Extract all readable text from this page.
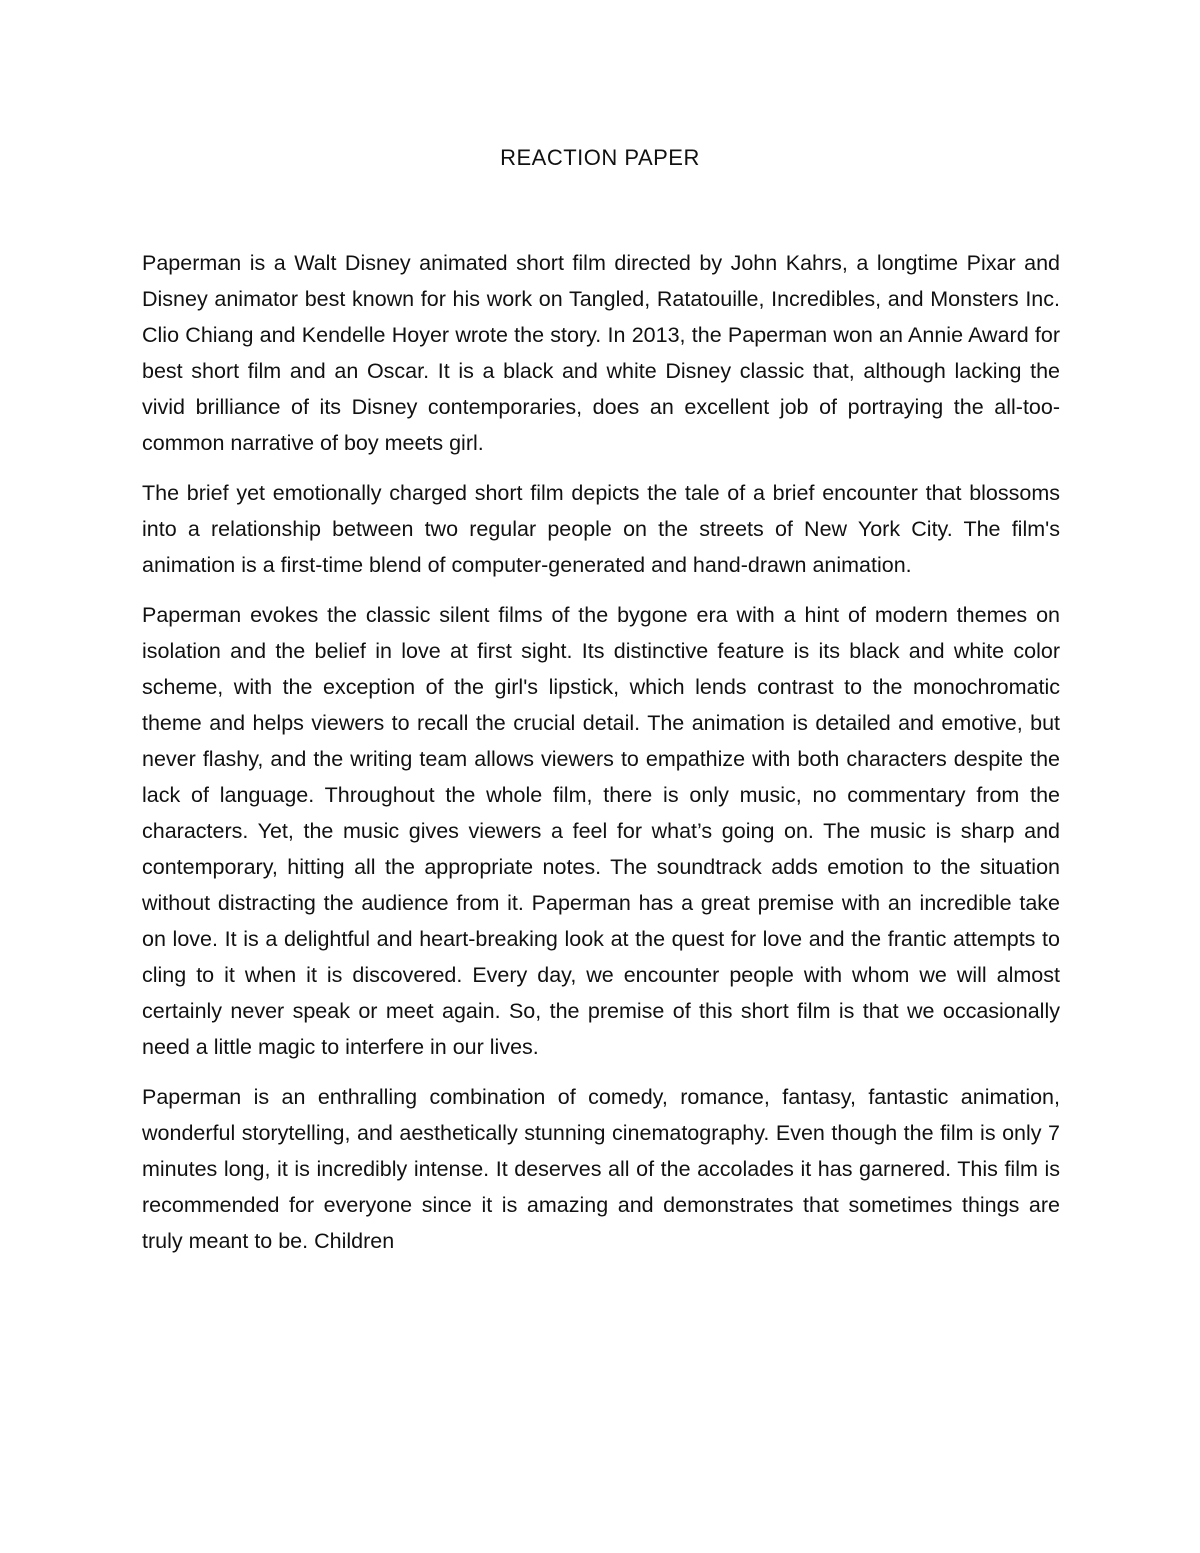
REACTION PAPER

Paperman is a Walt Disney animated short film directed by John Kahrs, a longtime Pixar and Disney animator best known for his work on Tangled, Ratatouille, Incredibles, and Monsters Inc. Clio Chiang and Kendelle Hoyer wrote the story. In 2013, the Paperman won an Annie Award for best short film and an Oscar. It is a black and white Disney classic that, although lacking the vivid brilliance of its Disney contemporaries, does an excellent job of portraying the all-too-common narrative of boy meets girl.

The brief yet emotionally charged short film depicts the tale of a brief encounter that blossoms into a relationship between two regular people on the streets of New York City. The film's animation is a first-time blend of computer-generated and hand-drawn animation.

Paperman evokes the classic silent films of the bygone era with a hint of modern themes on isolation and the belief in love at first sight. Its distinctive feature is its black and white color scheme, with the exception of the girl's lipstick, which lends contrast to the monochromatic theme and helps viewers to recall the crucial detail. The animation is detailed and emotive, but never flashy, and the writing team allows viewers to empathize with both characters despite the lack of language. Throughout the whole film, there is only music, no commentary from the characters. Yet, the music gives viewers a feel for what’s going on. The music is sharp and contemporary, hitting all the appropriate notes. The soundtrack adds emotion to the situation without distracting the audience from it. Paperman has a great premise with an incredible take on love. It is a delightful and heart-breaking look at the quest for love and the frantic attempts to cling to it when it is discovered. Every day, we encounter people with whom we will almost certainly never speak or meet again. So, the premise of this short film is that we occasionally need a little magic to interfere in our lives.

Paperman is an enthralling combination of comedy, romance, fantasy, fantastic animation, wonderful storytelling, and aesthetically stunning cinematography. Even though the film is only 7 minutes long, it is incredibly intense. It deserves all of the accolades it has garnered. This film is recommended for everyone since it is amazing and demonstrates that sometimes things are truly meant to be. Children
